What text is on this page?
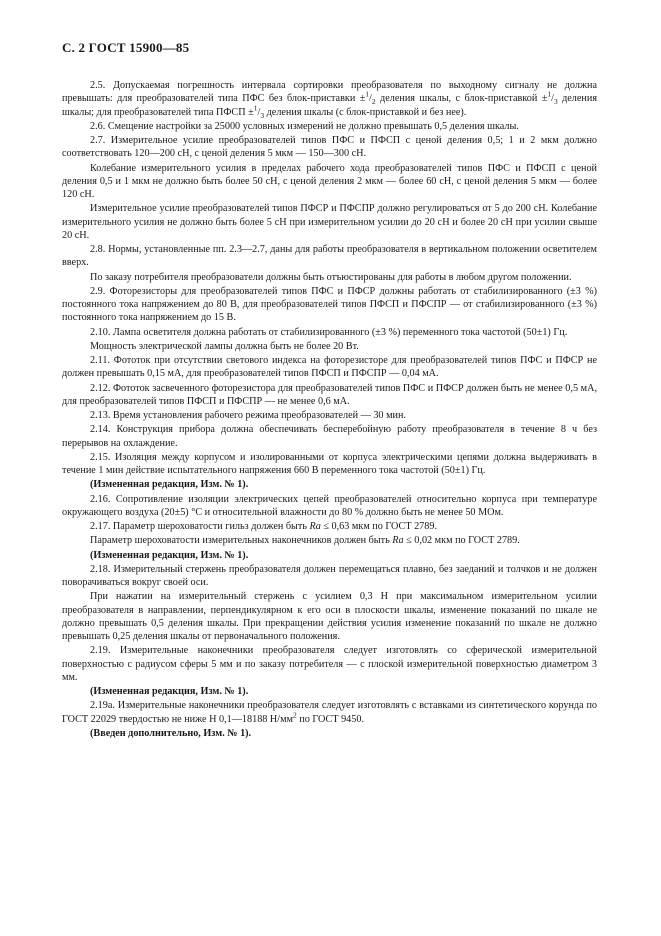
С. 2 ГОСТ 15900—85

2.5. Допускаемая погрешность интервала сортировки преобразователя по выходному сигналу не должна превышать: для преобразователей типа ПФС без блок-приставки $\pm^1/_2$ деления шкалы, с блок-приставкой $\pm^1/_3$ деления шкалы; для преобразователей типа ПФСП $\pm^1/_3$ деления шкалы (с блок-приставкой и без нее).

2.6. Смещение настройки за 25000 условных измерений не должно превышать 0,5 деления шкалы.

2.7. Измерительное усилие преобразователей типов ПФС и ПФСП с ценой деления 0,5; 1 и 2 мкм должно соответствовать 120—200 сН, с ценой деления 5 мкм — 150—300 сН.

Колебание измерительного усилия в пределах рабочего хода преобразователей типов ПФС и ПФСП с ценой деления 0,5 и 1 мкм не должно быть более 50 сН, с ценой деления 2 мкм — более 60 сН, с ценой деления 5 мкм — более 120 сН.

Измерительное усилие преобразователей типов ПФСР и ПФСПР должно регулироваться от 5 до 200 сН. Колебание измерительного усилия не должно быть более 5 сН при измерительном усилии до 20 сН и более 20 сН при усилии свыше 20 сН.

2.8. Нормы, установленные пп. 2.3—2.7, даны для работы преобразователя в вертикальном положении осветителем вверх.

По заказу потребителя преобразователи должны быть отъюстированы для работы в любом другом положении.

2.9. Фоторезисторы для преобразователей типов ПФС и ПФСР должны работать от стабилизированного (±3 %) постоянного тока напряжением до 80 В, для преобразователей типов ПФСП и ПФСПР — от стабилизированного (±3 %) постоянного тока напряжением до 15 В.

2.10. Лампа осветителя должна работать от стабилизированного (±3 %) переменного тока частотой (50±1) Гц.

Мощность электрической лампы должна быть не более 20 Вт.

2.11. Фототок при отсутствии светового индекса на фоторезисторе для преобразователей типов ПФС и ПФСР не должен превышать 0,15 мА, для преобразователей типов ПФСП и ПФСПР — 0,04 мА.

2.12. Фототок засвеченного фоторезистора для преобразователей типов ПФС и ПФСР должен быть не менее 0,5 мА, для преобразователей типов ПФСП и ПФСПР — не менее 0,6 мА.

2.13. Время установления рабочего режима преобразователей — 30 мин.

2.14. Конструкция прибора должна обеспечивать бесперебойную работу преобразователя в течение 8 ч без перерывов на охлаждение.

2.15. Изоляция между корпусом и изолированными от корпуса электрическими цепями должна выдерживать в течение 1 мин действие испытательного напряжения 660 В переменного тока частотой (50±1) Гц.

(Измененная редакция, Изм. № 1).

2.16. Сопротивление изоляции электрических цепей преобразователей относительно корпуса при температуре окружающего воздуха (20±5) °С и относительной влажности до 80 % должно быть не менее 50 МОм.

2.17. Параметр шероховатости гильз должен быть Ra ≤ 0,63 мкм по ГОСТ 2789.

Параметр шероховатости измерительных наконечников должен быть Ra ≤ 0,02 мкм по ГОСТ 2789.

(Измененная редакция, Изм. № 1).

2.18. Измерительный стержень преобразователя должен перемещаться плавно, без заеданий и толчков и не должен поворачиваться вокруг своей оси.

При нажатии на измерительный стержень с усилием 0,3 Н при максимальном измерительном усилии преобразователя в направлении, перпендикулярном к его оси в плоскости шкалы, изменение показаний по шкале не должно превышать 0,5 деления шкалы. При прекращении действия усилия изменение показаний по шкале не должно превышать 0,25 деления шкалы от первоначального положения.

2.19. Измерительные наконечники преобразователя следует изготовлять со сферической измерительной поверхностью с радиусом сферы 5 мм и по заказу потребителя — с плоской измерительной поверхностью диаметром 3 мм.

(Измененная редакция, Изм. № 1).

2.19а. Измерительные наконечники преобразователя следует изготовлять с вставками из синтетического корунда по ГОСТ 22029 твердостью не ниже Н 0,1—18188 $Н/мм^2$ по ГОСТ 9450.

(Введен дополнительно, Изм. № 1).
